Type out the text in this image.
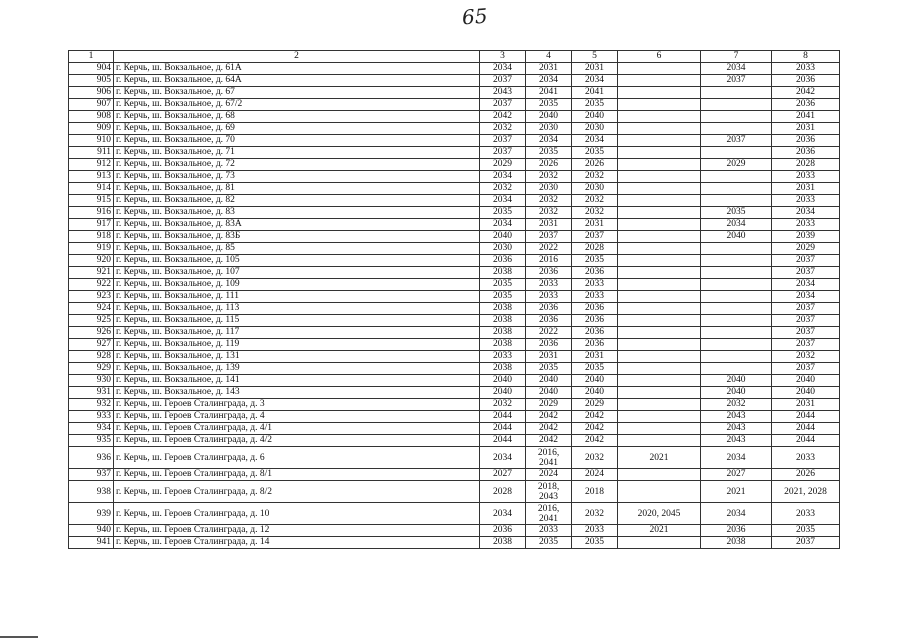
65
1	2	3	4	5	6	7	8
904	г. Керчь, ш. Вокзальное, д. 61А	2034	2031	2031		2034	2033
905	г. Керчь, ш. Вокзальное, д. 64А	2037	2034	2034		2037	2036
906	г. Керчь, ш. Вокзальное, д. 67	2043	2041	2041			2042
907	г. Керчь, ш. Вокзальное, д. 67/2	2037	2035	2035			2036
908	г. Керчь, ш. Вокзальное, д. 68	2042	2040	2040			2041
909	г. Керчь, ш. Вокзальное, д. 69	2032	2030	2030			2031
910	г. Керчь, ш. Вокзальное, д. 70	2037	2034	2034		2037	2036
911	г. Керчь, ш. Вокзальное, д. 71	2037	2035	2035			2036
912	г. Керчь, ш. Вокзальное, д. 72	2029	2026	2026		2029	2028
913	г. Керчь, ш. Вокзальное, д. 73	2034	2032	2032			2033
914	г. Керчь, ш. Вокзальное, д. 81	2032	2030	2030			2031
915	г. Керчь, ш. Вокзальное, д. 82	2034	2032	2032			2033
916	г. Керчь, ш. Вокзальное, д. 83	2035	2032	2032		2035	2034
917	г. Керчь, ш. Вокзальное, д. 83А	2034	2031	2031		2034	2033
918	г. Керчь, ш. Вокзальное, д. 83Б	2040	2037	2037		2040	2039
919	г. Керчь, ш. Вокзальное, д. 85	2030	2022	2028			2029
920	г. Керчь, ш. Вокзальное, д. 105	2036	2016	2035			2037
921	г. Керчь, ш. Вокзальное, д. 107	2038	2036	2036			2037
922	г. Керчь, ш. Вокзальное, д. 109	2035	2033	2033			2034
923	г. Керчь, ш. Вокзальное, д. 111	2035	2033	2033			2034
924	г. Керчь, ш. Вокзальное, д. 113	2038	2036	2036			2037
925	г. Керчь, ш. Вокзальное, д. 115	2038	2036	2036			2037
926	г. Керчь, ш. Вокзальное, д. 117	2038	2022	2036			2037
927	г. Керчь, ш. Вокзальное, д. 119	2038	2036	2036			2037
928	г. Керчь, ш. Вокзальное, д. 131	2033	2031	2031			2032
929	г. Керчь, ш. Вокзальное, д. 139	2038	2035	2035			2037
930	г. Керчь, ш. Вокзальное, д. 141	2040	2040	2040		2040	2040
931	г. Керчь, ш. Вокзальное, д. 143	2040	2040	2040		2040	2040
932	г. Керчь, ш. Героев Сталинграда, д. 3	2032	2029	2029		2032	2031
933	г. Керчь, ш. Героев Сталинграда, д. 4	2044	2042	2042		2043	2044
934	г. Керчь, ш. Героев Сталинграда, д. 4/1	2044	2042	2042		2043	2044
935	г. Керчь, ш. Героев Сталинграда, д. 4/2	2044	2042	2042		2043	2044
936	г. Керчь, ш. Героев Сталинграда, д. 6	2034	2016, 2041	2032	2021	2034	2033
937	г. Керчь, ш. Героев Сталинграда, д. 8/1	2027	2024	2024		2027	2026
938	г. Керчь, ш. Героев Сталинграда, д. 8/2	2028	2018, 2043	2018		2021	2021, 2028
939	г. Керчь, ш. Героев Сталинграда, д. 10	2034	2016, 2041	2032	2020, 2045	2034	2033
940	г. Керчь, ш. Героев Сталинграда, д. 12	2036	2033	2033	2021	2036	2035
941	г. Керчь, ш. Героев Сталинграда, д. 14	2038	2035	2035		2038	2037
